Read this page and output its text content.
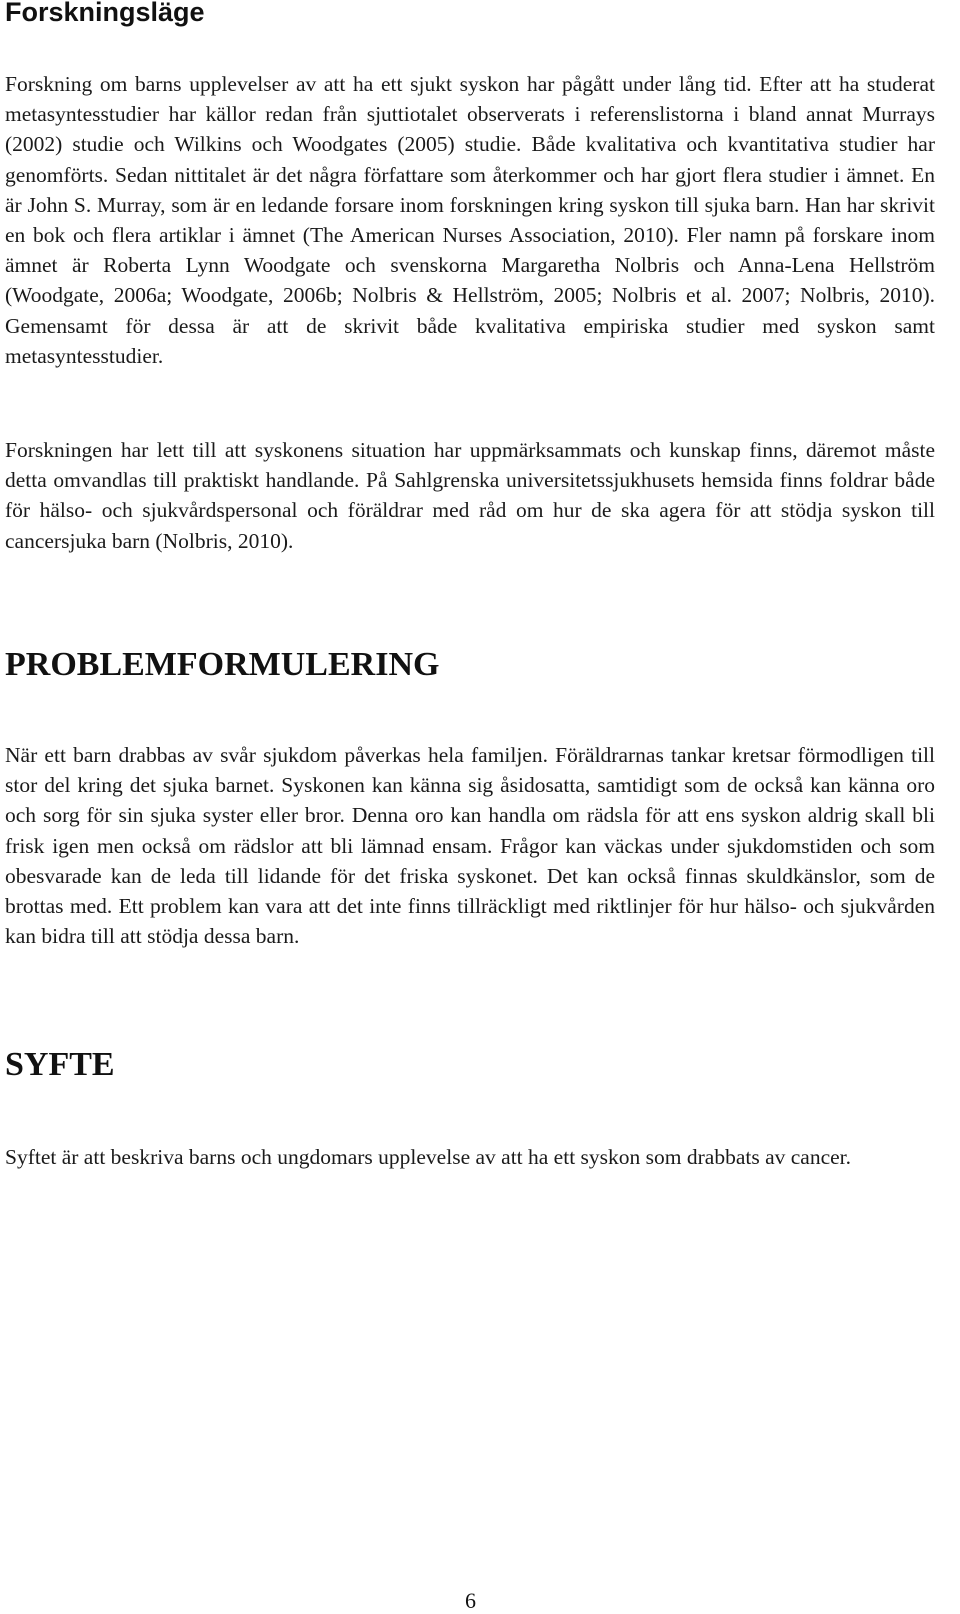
Forskningsläge

Forskning om barns upplevelser av att ha ett sjukt syskon har pågått under lång tid. Efter att ha studerat metasyntesstudier har källor redan från sjuttiotalet observerats i referenslistorna i bland annat Murrays (2002) studie och Wilkins och Woodgates (2005) studie. Både kvalitativa och kvantitativa studier har genomförts. Sedan nittitalet är det några författare som återkommer och har gjort flera studier i ämnet. En är John S. Murray, som är en ledande forsare inom forskningen kring syskon till sjuka barn. Han har skrivit en bok och flera artiklar i ämnet (The American Nurses Association, 2010). Fler namn på forskare inom ämnet är Roberta Lynn Woodgate och svenskorna Margaretha Nolbris och Anna-Lena Hellström (Woodgate, 2006a; Woodgate, 2006b; Nolbris & Hellström, 2005; Nolbris et al. 2007; Nolbris, 2010). Gemensamt för dessa är att de skrivit både kvalitativa empiriska studier med syskon samt metasyntesstudier.

Forskningen har lett till att syskonens situation har uppmärksammats och kunskap finns, däremot måste detta omvandlas till praktiskt handlande. På Sahlgrenska universitetssjukhusets hemsida finns foldrar både för hälso- och sjukvårdspersonal och föräldrar med råd om hur de ska agera för att stödja syskon till cancersjuka barn (Nolbris, 2010).

PROBLEMFORMULERING

När ett barn drabbas av svår sjukdom påverkas hela familjen. Föräldrarnas tankar kretsar förmodligen till stor del kring det sjuka barnet. Syskonen kan känna sig åsidosatta, samtidigt som de också kan känna oro och sorg för sin sjuka syster eller bror. Denna oro kan handla om rädsla för att ens syskon aldrig skall bli frisk igen men också om rädslor att bli lämnad ensam. Frågor kan väckas under sjukdomstiden och som obesvarade kan de leda till lidande för det friska syskonet. Det kan också finnas skuldkänslor, som de brottas med. Ett problem kan vara att det inte finns tillräckligt med riktlinjer för hur hälso- och sjukvården kan bidra till att stödja dessa barn.

SYFTE

Syftet är att beskriva barns och ungdomars upplevelse av att ha ett syskon som drabbats av cancer.

6
